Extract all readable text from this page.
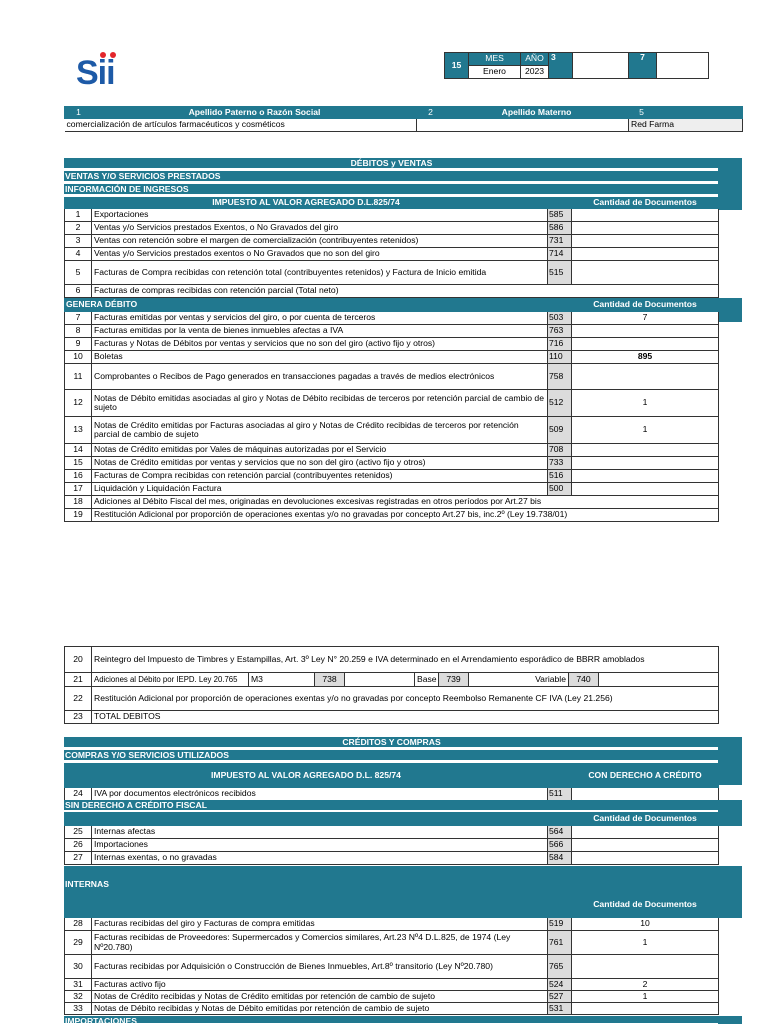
Sii	15	MES	AÑO	3		7	
	Enero	2023				
1	Apellido Paterno o Razón Social	2	Apellido Materno	5	
comercialización de artículos farmacéuticos y cosméticos				Red Farma	
DÉBITOS y VENTAS
VENTAS Y/O SERVICIOS PRESTADOS
INFORMACIÓN DE INGRESOS
IMPUESTO AL VALOR AGREGADO D.L.825/74			Cantidad de Documentos
1	Exportaciones	585	
2	Ventas y/o Servicios prestados Exentos, o No Gravados del giro	586	
3	Ventas con retención sobre el margen de comercialización (contribuyentes retenidos)	731	
4	Ventas y/o Servicios prestados exentos o No Gravados que no son del giro	714	
5	Facturas de Compra recibidas con retención total (contribuyentes retenidos) y Factura de Inicio emitida	515	
6	Facturas de compras recibidas con retención parcial (Total neto)		
GENERA DÉBITO			Cantidad de Documentos
7	Facturas emitidas por ventas y servicios del giro, o por cuenta de terceros	503	7
8	Facturas emitidas por la venta de bienes inmuebles afectas a IVA	763	
9	Facturas y Notas de Débitos por ventas y servicios que no son del giro (activo fijo y otros)	716	
10	Boletas	110	895
11	Comprobantes o Recibos de Pago generados en transacciones pagadas a través de medios electrónicos	758	
12	Notas de Débito emitidas asociadas al giro y Notas de Débito recibidas de terceros por retención parcial de cambio de sujeto	512	1
13	Notas de Crédito emitidas por Facturas asociadas al giro y Notas de Crédito recibidas de terceros por retención parcial de cambio de sujeto	509	1
14	Notas de Crédito emitidas por Vales de máquinas autorizadas por el Servicio	708	
15	Notas de Crédito emitidas por ventas y servicios que no son del giro (activo fijo y otros)	733	
16	Facturas de Compra recibidas con retención parcial (contribuyentes retenidos)	516	
17	Liquidación y Liquidación Factura	500	
18	Adiciones al Débito Fiscal del mes, originadas en devoluciones excesivas registradas en otros períodos por Art.27 bis		
19	Restitución Adicional por proporción de operaciones exentas y/o no gravadas por concepto Art.27 bis, inc.2º (Ley 19.738/01)		
20	Reintegro del Impuesto de Timbres y Estampillas, Art. 3º Ley N° 20.259 e IVA determinado en el Arrendamiento esporádico de BBRR amoblados								
21	Adiciones al Débito por IEPD. Ley 20.765	M3	738		Base	739	Variable	740	
22	Restitución Adicional por proporción de operaciones exentas y/o no gravadas por concepto Reembolso Remanente CF IVA (Ley 21.256)								
23	TOTAL DEBITOS								
CRÉDITOS Y COMPRAS
COMPRAS Y/O SERVICIOS UTILIZADOS
IMPUESTO AL VALOR AGREGADO D.L. 825/74			CON DERECHO A CRÉDITO
24	IVA por documentos electrónicos recibidos	511	
SIN DERECHO A CRÉDITO FISCAL
			Cantidad de Documentos
25	Internas afectas	564	
26	Importaciones	566	
27	Internas exentas, o no gravadas	584	
INTERNAS
			Cantidad de Documentos
28	Facturas recibidas del giro y Facturas de compra emitidas	519	10
29	Facturas recibidas de Proveedores: Supermercados y Comercios similares, Art.23 Nº4 D.L.825, de 1974 (Ley Nº20.780)	761	1
30	Facturas recibidas por Adquisición o Construcción de Bienes Inmuebles, Art.8º transitorio (Ley Nº20.780)	765	
31	Facturas activo fijo	524	2
32	Notas de Crédito recibidas y Notas de Crédito emitidas por retención de cambio de sujeto	527	1
33	Notas de Débito recibidas y Notas de Débito emitidas por retención de cambio de sujeto	531	
IMPORTACIONES
